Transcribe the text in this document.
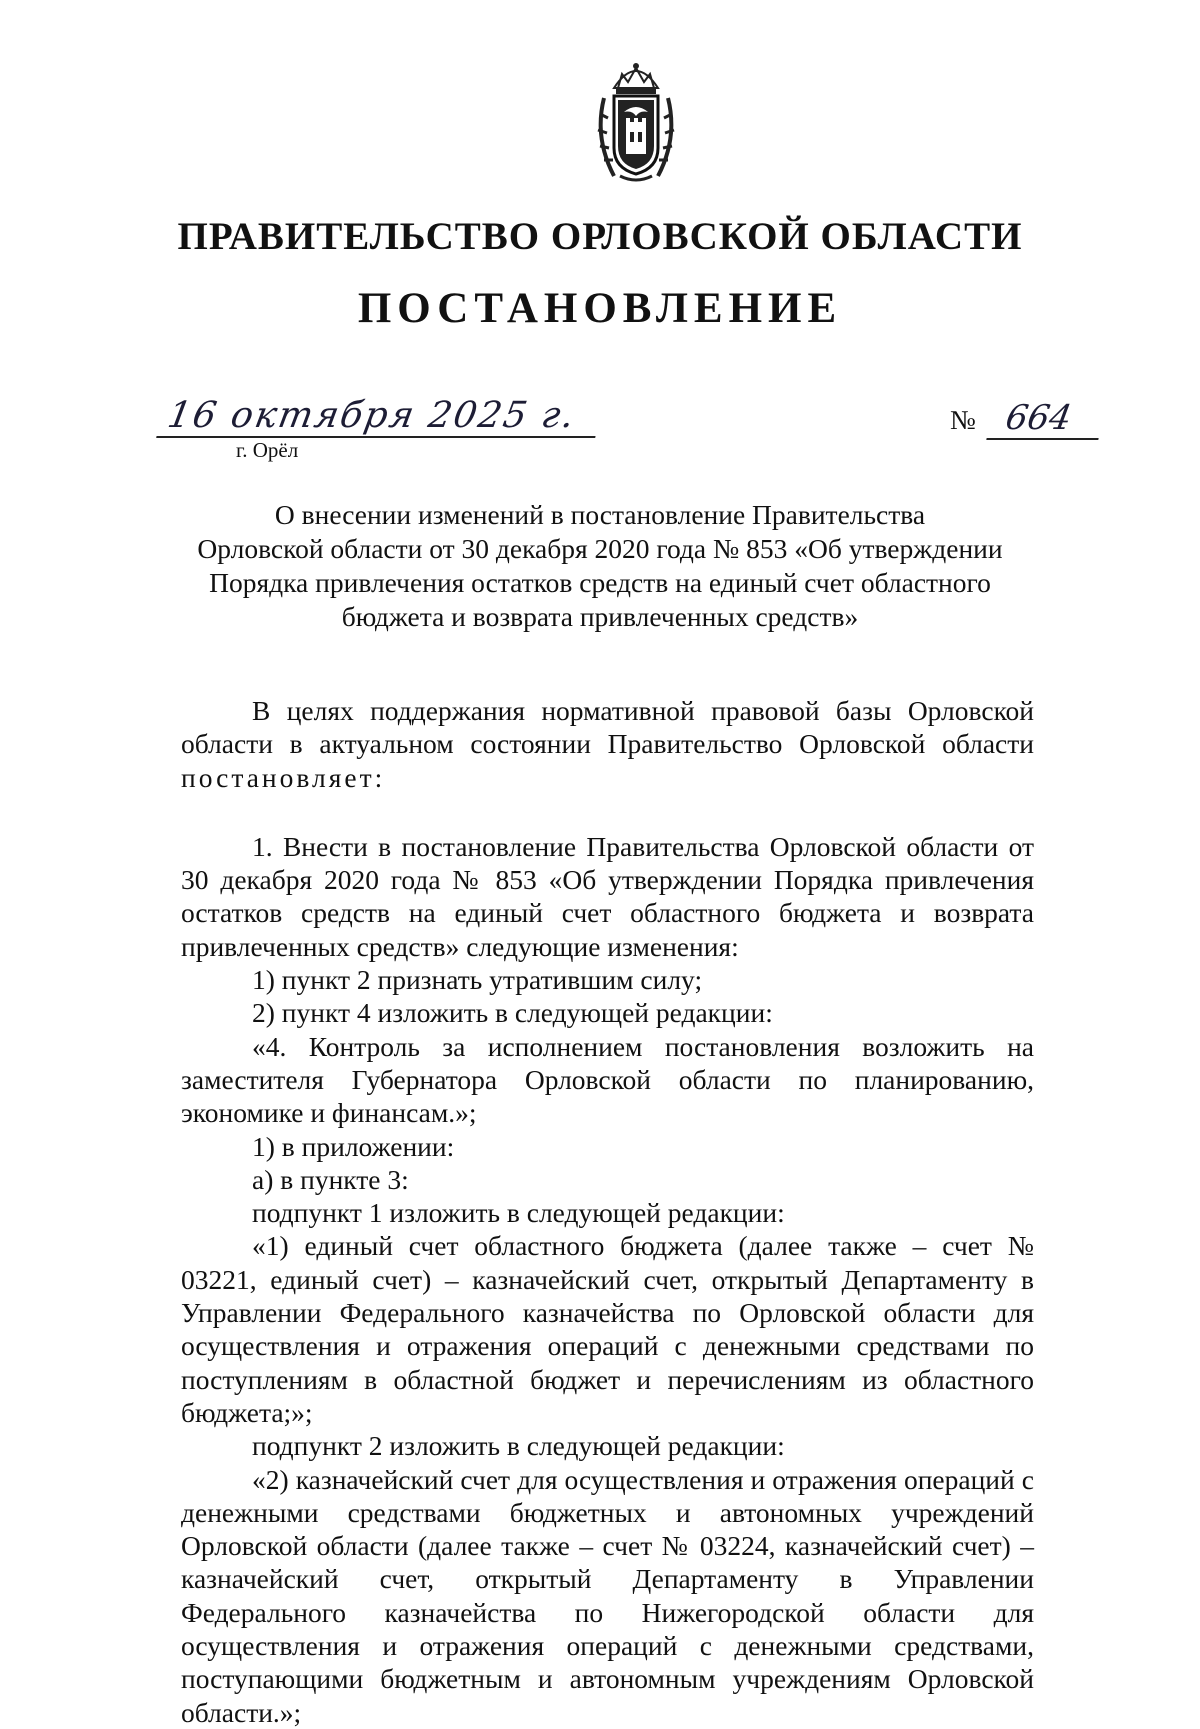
ПРАВИТЕЛЬСТВО ОРЛОВСКОЙ ОБЛАСТИ
ПОСТАНОВЛЕНИЕ
16 октября 2025 г.
г. Орёл
№ 664
О внесении изменений в постановление Правительства
Орловской области от 30 декабря 2020 года № 853 «Об утверждении
Порядка привлечения остатков средств на единый счет областного
бюджета и возврата привлеченных средств»

В целях поддержания нормативной правовой базы Орловской области в актуальном состоянии Правительство Орловской области постановляет:

1. Внести в постановление Правительства Орловской области от 30 декабря 2020 года № 853 «Об утверждении Порядка привлечения остатков средств на единый счет областного бюджета и возврата привлеченных средств» следующие изменения:

1) пункт 2 признать утратившим силу;

2) пункт 4 изложить в следующей редакции:

«4. Контроль за исполнением постановления возложить на заместителя Губернатора Орловской области по планированию, экономике и финансам.»;

1) в приложении:

а) в пункте 3:

подпункт 1 изложить в следующей редакции:

«1) единый счет областного бюджета (далее также – счет № 03221, единый счет) – казначейский счет, открытый Департаменту в Управлении Федерального казначейства по Орловской области для осуществления и отражения операций с денежными средствами по поступлениям в областной бюджет и перечислениям из областного бюджета;»;

подпункт 2 изложить в следующей редакции:

«2) казначейский счет для осуществления и отражения операций с денежными средствами бюджетных и автономных учреждений Орловской области (далее также – счет № 03224, казначейский счет) – казначейский счет, открытый Департаменту в Управлении Федерального казначейства по Нижегородской области для осуществления и отражения операций с денежными средствами, поступающими бюджетным и автономным учреждениям Орловской области.»;
